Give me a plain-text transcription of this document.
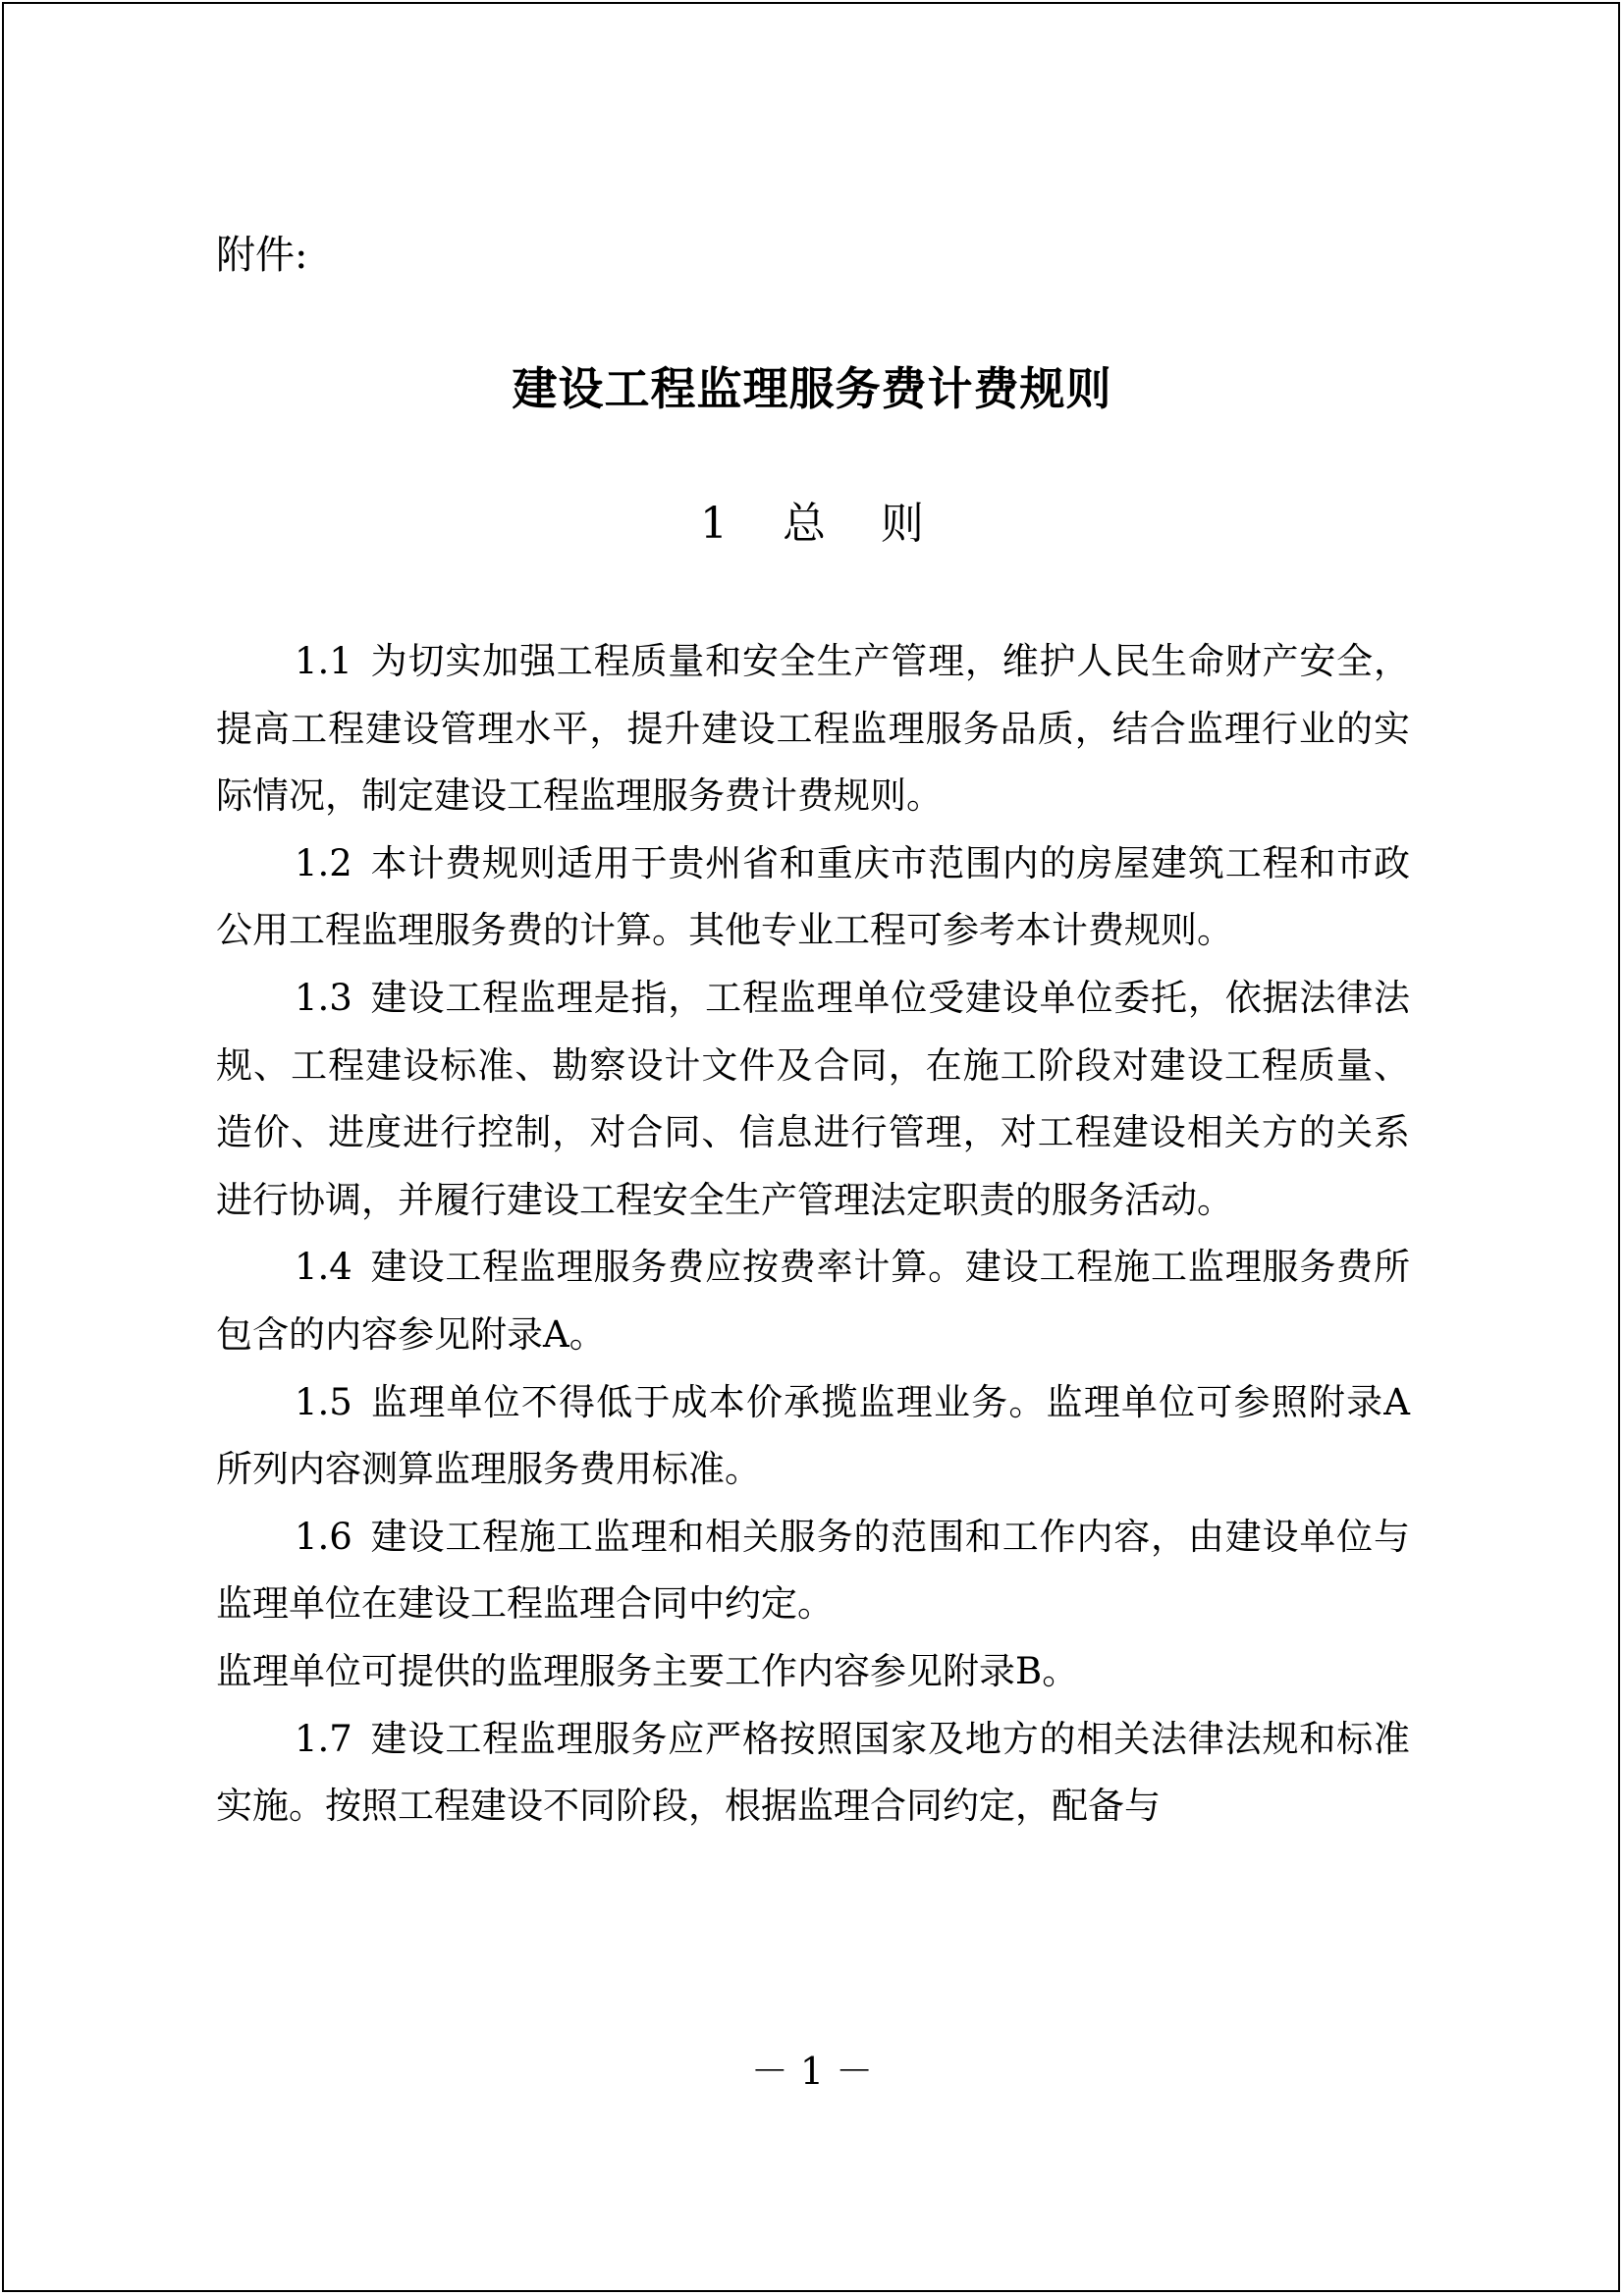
附件:
建设工程监理服务费计费规则
1    总    则

1.1 为切实加强工程质量和安全生产管理，维护人民生命财产安全，提高工程建设管理水平，提升建设工程监理服务品质，结合监理行业的实际情况，制定建设工程监理服务费计费规则。

1.2 本计费规则适用于贵州省和重庆市范围内的房屋建筑工程和市政公用工程监理服务费的计算。其他专业工程可参考本计费规则。

1.3 建设工程监理是指，工程监理单位受建设单位委托，依据法律法规、工程建设标准、勘察设计文件及合同，在施工阶段对建设工程质量、造价、进度进行控制，对合同、信息进行管理，对工程建设相关方的关系进行协调，并履行建设工程安全生产管理法定职责的服务活动。

1.4 建设工程监理服务费应按费率计算。建设工程施工监理服务费所包含的内容参见附录A。

1.5 监理单位不得低于成本价承揽监理业务。监理单位可参照附录A所列内容测算监理服务费用标准。

1.6 建设工程施工监理和相关服务的范围和工作内容，由建设单位与监理单位在建设工程监理合同中约定。

监理单位可提供的监理服务主要工作内容参见附录B。

1.7 建设工程监理服务应严格按照国家及地方的相关法律法规和标准实施。按照工程建设不同阶段，根据监理合同约定，配备与

－ 1 －
